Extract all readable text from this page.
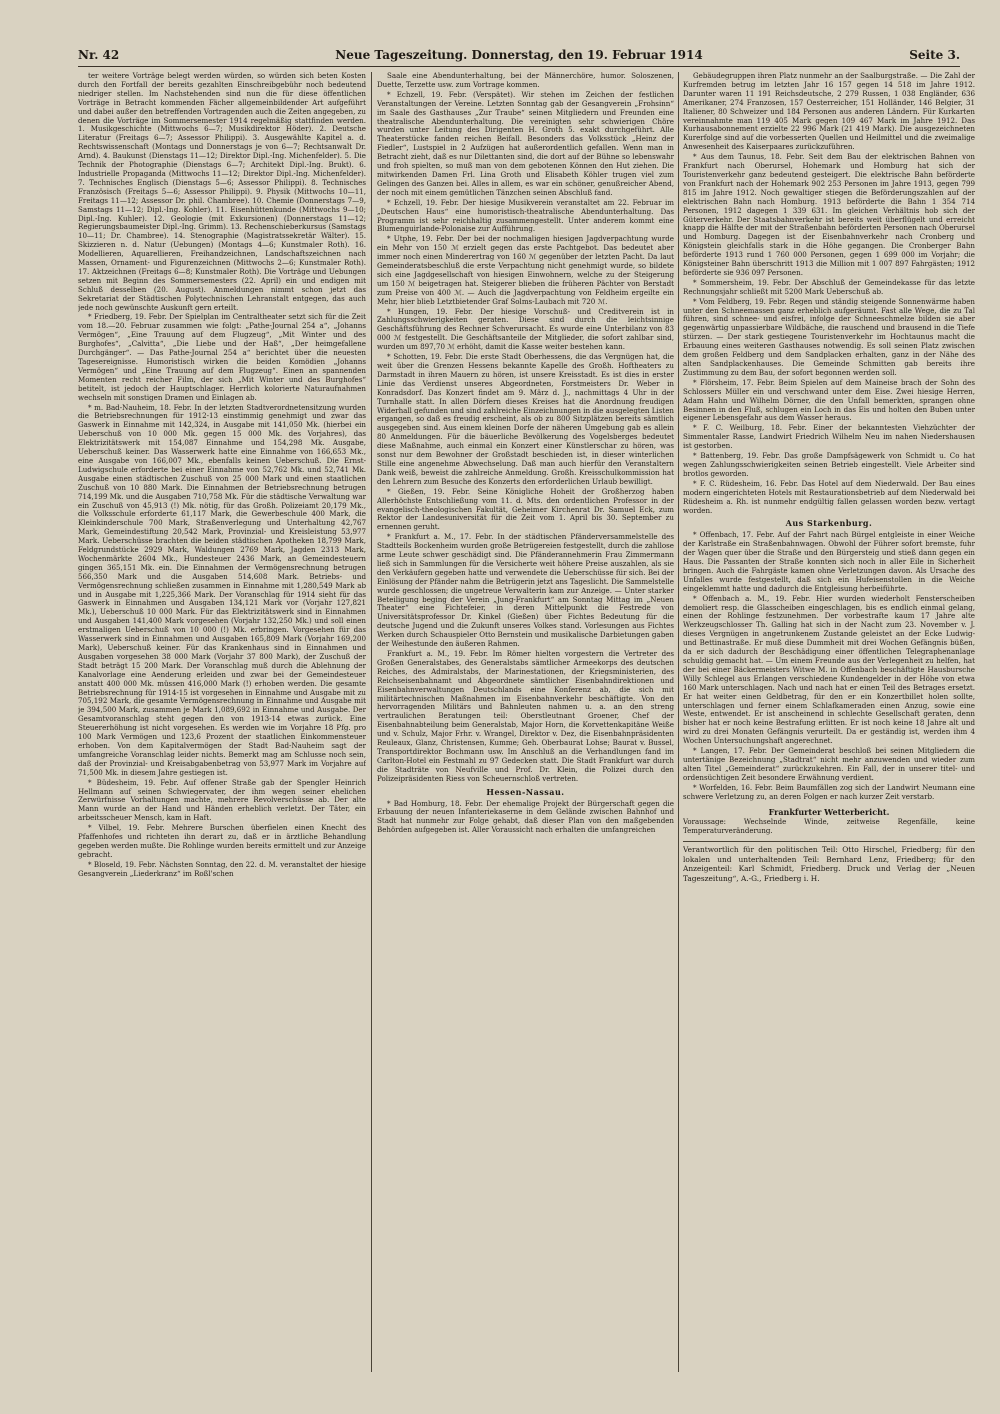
Nr. 42	Neue Tageszeitung. Donnerstag, den 19. Februar 1914	Seite 3.

ter weitere Vorträge belegt werden würden, so würden sich beten Kosten durch den Fortfall der bereits gezahlten Einschreibgebühr noch bedeutend niedriger stellen. Im Nachstehenden sind nun die für diese öffentlichen Vorträge in Betracht kommenden Fächer allgemeinbildender Art aufgeführt und dabei außer den betreffenden Vortragenden auch die Zeiten angegeben, zu denen die Vorträge im Sommersemester 1914 regelmäßig stattfinden werden. 1. Musikgeschichte (Mittwochs 6—7; Musikdirektor Höder). 2. Deutsche Literatur (Freitags 6—7; Assessor Philippi). 3. Ausgewählte Kapitel a. d. Rechtswissenschaft (Montags und Donnerstags je von 6—7; Rechtsanwalt Dr. Arnd). 4. Baukunst (Dienstags 11—12; Direktor Dipl.-Ing. Michenfelder). 5. Die Technik der Photographie (Dienstags 6—7; Architekt Dipl.-Ing. Brukt). 6. Industrielle Propaganda (Mittwochs 11—12; Direktor Dipl.-Ing. Michenfelder). 7. Technisches Englisch (Dienstags 5—6; Assessor Philippi). 8. Technisches Französisch (Freitags 5—6; Assessor Philippi). 9. Physik (Mittwochs 10—11, Freitags 11—12; Assessor Dr. phil. Chambree). 10. Chemie (Donnerstags 7—9, Samstags 11—12; Dipl.-Ing. Kohler). 11. Eisenhüttenkunde (Mittwochs 9—10; Dipl.-Ing. Kuhler). 12. Geologie (mit Exkursionen) (Donnerstags 11—12; Regierungsbaumeister Dipl.-Ing. Grimm). 13. Rechenschieberkursus (Samstags 10—11; Dr. Chambree). 14. Stenographie (Magistratssekretär Wälter). 15. Skizzieren n. d. Natur (Uebungen) (Montags 4—6; Kunstmaler Roth). 16. Modellieren, Aquarellieren, Freihandzeichnen, Landschaftszeichnen nach Massen, Ornament- und Figurenzeichnen (Mittwochs 2—6; Kunstmaler Roth). 17. Aktzeichnen (Freitags 6—8; Kunstmaler Roth). Die Vorträge und Uebungen setzen mit Beginn des Sommersemesters (22. April) ein und endigen mit Schluß desselben (20. August). Anmeldungen nimmt schon jetzt das Sekretariat der Städtischen Polytechnischen Lehranstalt entgegen, das auch jede noch gewünschte Auskunft gern erteilt.

* Friedberg, 19. Febr. Der Spielplan im Centraltheater setzt sich für die Zeit vom 18.—20. Februar zusammen wie folgt: „Pathe-Journal 254 a“, „Johanns Vermögen“, „Eine Trauung auf dem Flugzeug“, „Mit Winter und des Burghofes“, „Calvitta“, „Die Liebe und der Haß“, „Der heimgefallene Durchgänger“. — Das Pathe-Journal 254 a“ berichtet über die neuesten Tagesereignisse. Humoristisch wirken die beiden Komödien „Johanns Vermögen“ und „Eine Trauung auf dem Flugzeug“. Einen an spannenden Momenten recht reicher Film, der sich „Mit Winter und des Burghofes“ betitelt, ist jedoch der Hauptschlager. Herrlich kolorierte Naturaufnahmen wechseln mit sonstigen Dramen und Einlagen ab.

* m. Bad-Nauheim, 18. Febr. In der letzten Stadtverordnetensitzung wurden die Betriebsrechnungen für 1912-13 einstimmig genehmigt und zwar das Gaswerk in Einnahme mit 142,324, in Ausgabe mit 141,050 Mk. (hierbei ein Ueberschuß von 10 000 Mk. gegen 15 000 Mk. des Vorjahres), das Elektrizitätswerk mit 154,087 Einnahme und 154,298 Mk. Ausgabe, Ueberschuß keiner. Das Wasserwerk hatte eine Einnahme von 166,653 Mk., eine Ausgabe von 166,007 Mk., ebenfalls keinen Ueberschuß. Die Ernst-Ludwigschule erforderte bei einer Einnahme von 52,762 Mk. und 52,741 Mk. Ausgabe einen städtischen Zuschuß von 25 000 Mark und einen staatlichen Zuschuß von 10 880 Mark. Die Einnahmen der Betriebsrechnung betrugen 714,199 Mk. und die Ausgaben 710,758 Mk. Für die städtische Verwaltung war ein Zuschuß von 45,913 (!) Mk. nötig, für das Großh. Polizeiamt 20,179 Mk., die Volksschule erforderte 61,117 Mark, die Gewerbeschule 400 Mark, die Kleinkinderschule 700 Mark, Straßenverlegung und Unterhaltung 42,767 Mark, Gemeindestiftung 20,542 Mark, Provinzial- und Kreisleistung 53,977 Mark. Ueberschüsse brachten die beiden städtischen Apotheken 18,799 Mark, Feldgrundstücke 2929 Mark, Waldungen 2769 Mark, Jagden 2313 Mark, Wochenmärkte 2604 Mk., Hundesteuer 2436 Mark, an Gemeindesteuern gingen 365,151 Mk. ein. Die Einnahmen der Vermögensrechnung betrugen 566,350 Mark und die Ausgaben 514,608 Mark. Betriebs- und Vermögensrechnung schließen zusammen in Einnahme mit 1,280,549 Mark ab und in Ausgabe mit 1,225,366 Mark. Der Voranschlag für 1914 sieht für das Gaswerk in Einnahmen und Ausgaben 134,121 Mark vor (Vorjahr 127,821 Mk.), Ueberschuß 10 000 Mark. Für das Elektrizitätswerk sind in Einnahmen und Ausgaben 141,400 Mark vorgesehen (Vorjahr 132,250 Mk.) und soll einen erstmaligen Ueberschuß von 10 000 (!) Mk. erbringen. Vorgesehen für das Wasserwerk sind in Einnahmen und Ausgaben 165,809 Mark (Vorjahr 169,200 Mark), Ueberschuß keiner. Für das Krankenhaus sind in Einnahmen und Ausgaben vorgesehen 38 000 Mark (Vorjahr 37 800 Mark), der Zuschuß der Stadt beträgt 15 200 Mark. Der Voranschlag muß durch die Ablehnung der Kanalvorlage eine Aenderung erleiden und zwar bei der Gemeindesteuer anstatt 400 000 Mk. müssen 416,000 Mark (!) erhoben werden. Die gesamte Betriebsrechnung für 1914-15 ist vorgesehen in Einnahme und Ausgabe mit zu 705,192 Mark, die gesamte Vermögensrechnung in Einnahme und Ausgabe mit je 394,500 Mark, zusammen je Mark 1,089,692 in Einnahme und Ausgabe. Der Gesamtvoranschlag steht gegen den von 1913-14 etwas zurück. Eine Steuererhöhung ist nicht vorgesehen. Es werden wie im Vorjahre 18 Pfg. pro 100 Mark Vermögen und 123,6 Prozent der staatlichen Einkommensteuer erhoben. Von dem Kapitalvermögen der Stadt Bad-Nauheim sagt der umfangreiche Voranschlag leider nichts. Bemerkt mag am Schlusse noch sein, daß der Provinzial- und Kreisabgabenbetrag von 53,977 Mark im Vorjahre auf 71,500 Mk. in diesem Jahre gestiegen ist.

* Büdesheim, 19. Febr. Auf offener Straße gab der Spengler Heinrich Hellmann auf seinen Schwiegervater, der ihm wegen seiner ehelichen Zerwürfnisse Vorhaltungen machte, mehrere Revolverschüsse ab. Der alte Mann wurde an der Hand und Händen erheblich verletzt. Der Täter, ein arbeitsscheuer Mensch, kam in Haft.

* Vilbel, 19. Febr. Mehrere Burschen überfielen einen Knecht des Pfaffenhofes und richteten ihn derart zu, daß er in ärztliche Behandlung gegeben werden mußte. Die Rohlinge wurden bereits ermittelt und zur Anzeige gebracht.

* Bloseld, 19. Febr. Nächsten Sonntag, den 22. d. M. veranstaltet der hiesige Gesangverein „Liederkranz“ im Roßl'schen

Saale eine Abendunterhaltung, bei der Männerchöre, humor. Soloszenen, Duette, Terzette usw. zum Vortrage kommen.

* Echzell, 19. Febr. (Verspätet). Wir stehen im Zeichen der festlichen Veranstaltungen der Vereine. Letzten Sonntag gab der Gesangverein „Frohsinn“ im Saale des Gasthauses „Zur Traube“ seinen Mitgliedern und Freunden eine theatralische Abendunterhaltung. Die vereinigten sehr schwierigen Chöre wurden unter Leitung des Dirigenten H. Groth 5. exakt durchgeführt. Alle Theaterstücke fanden reichen Beifall. Besonders das Volksstück „Heinz der Fiedler“, Lustspiel in 2 Aufzügen hat außerordentlich gefallen. Wenn man in Betracht zieht, daß es nur Dilettanten sind, die dort auf der Bühne so lebenswahr und froh spielten, so muß man von dem gebotenen Können den Hut ziehen. Die mitwirkenden Damen Frl. Lina Groth und Elisabeth Köhler trugen viel zum Gelingen des Ganzen bei. Alles in allem, es war ein schöner, genußreicher Abend, der noch mit einem gemütlichen Tänzchen seinen Abschluß fand.

* Echzell, 19. Febr. Der hiesige Musikverein veranstaltet am 22. Februar im „Deutschen Haus“ eine humoristisch-theatralische Abendunterhaltung. Das Programm ist sehr reichhaltig zusammengestellt. Unter anderem kommt eine Blumenguirlande-Polonaise zur Aufführung.

* Utphe, 19. Febr. Der bei der nochmaligen hiesigen Jagdverpachtung wurde ein Mehr von 150 ℳ erzielt gegen das erste Pachtgebot. Das bedeutet aber immer noch einen Minderertrag von 160 ℳ gegenüber der letzten Pacht. Da laut Gemeinderatsbeschluß die erste Verpachtung nicht genehmigt wurde, so bildete sich eine Jagdgesellschaft von hiesigen Einwohnern, welche zu der Steigerung um 150 ℳ beigetragen hat. Steigerer blieben die früheren Pächter von Berstadt zum Preise von 400 ℳ. — Auch die Jagdverpachtung von Feldheim ergeilte ein Mehr, hier blieb Letztbietender Graf Solms-Laubach mit 720 ℳ.

* Hungen, 19. Febr. Der hiesige Vorschuß- und Creditverein ist in Zahlungsschwierigkeiten geraten. Diese sind durch die leichtsinnige Geschäftsführung des Rechner Schverursacht. Es wurde eine Unterbilanz von 83 000 ℳ festgestellt. Die Geschäftsanteile der Mitglieder, die sofort zahlbar sind, wurden um 897,70 ℳ erhöht, damit die Kasse weiter bestehen kann.

* Schotten, 19. Febr. Die erste Stadt Oberhessens, die das Vergnügen hat, die weit über die Grenzen Hessens bekannte Kapelle des Großh. Hoftheaters zu Darmstadt in ihren Mauern zu hören, ist unsere Kreisstadt. Es ist dies in erster Linie das Verdienst unseres Abgeordneten, Forstmeisters Dr. Weber in Konradsdorf. Das Konzert findet am 9. März d. J., nachmittags 4 Uhr in der Turnhalle statt. In allen Dörfern dieses Kreises hat die Anordnung freudigen Widerhall gefunden und sind zahlreiche Einzeichnungen in die ausgelegten Listen ergangen, so daß es freudig erscheint, als ob zu 800 Sitzplätzen bereits sämtlich ausgegeben sind. Aus einem kleinen Dorfe der näheren Umgebung gab es allein 80 Anmeldungen. Für die bäuerliche Bevölkerung des Vogelsberges bedeutet diese Maßnahme, auch einmal ein Konzert einer Künstlerschar zu hören, was sonst nur dem Bewohner der Großstadt beschieden ist, in dieser winterlichen Stille eine angenehme Abwechselung. Daß man auch hierfür den Veranstaltern Dank weiß, beweist die zahlreiche Anmeldung. Großh. Kreisschulkommission hat den Lehrern zum Besuche des Konzerts den erforderlichen Urlaub bewilligt.

* Gießen, 19. Febr. Seine Königliche Hoheit der Großherzog haben Allerhöchste Entschließung vom 11. d. Mts. den ordentlichen Professor in der evangelisch-theologischen Fakultät, Geheimer Kirchenrat Dr. Samuel Eck, zum Rektor der Landesuniversität für die Zeit vom 1. April bis 30. September zu ernennen geruht.

* Frankfurt a. M., 17. Febr. In der städtischen Pfänderversammelstelle des Stadtteils Bockenheim wurden große Betrügereien festgestellt, durch die zahllose arme Leute schwer geschädigt sind. Die Pfänderannehmerin Frau Zimmermann ließ sich in Sammlungen für die Versicherte weit höhere Preise auszahlen, als sie den Verkäufern gegeben hatte und verwendete die Ueberschüsse für sich. Bei der Einlösung der Pfänder nahm die Betrügerin jetzt ans Tageslicht. Die Sammelstelle wurde geschlossen; die ungetreue Verwalterin kam zur Anzeige. — Unter starker Beteiligung beging der Verein „Jung-Frankfurt“ am Sonntag Mittag im „Neuen Theater“ eine Fichtefeier, in deren Mittelpunkt die Festrede von Universitätsprofessor Dr. Kinkel (Gießen) über Fichtes Bedeutung für die deutsche Jugend und die Zukunft unseres Volkes stand. Vorlesungen aus Fichtes Werken durch Schauspieler Otto Bernstein und musikalische Darbietungen gaben der Weihestunde den äußeren Rahmen.

Frankfurt a. M., 19. Febr. Im Römer hielten vorgestern die Vertreter des Großen Generalstabes, des Generalstabs sämtlicher Armeekorps des deutschen Reiches, des Admiralstabs, der Marinestationen, der Kriegsministerien, des Reichseisenbahnamt und Abgeordnete sämtlicher Eisenbahndirektionen und Eisenbahnverwaltungen Deutschlands eine Konferenz ab, die sich mit militärtechnischen Maßnahmen im Eisenbahnverkehr beschäftigte. Von den hervorragenden Militärs und Bahnleuten nahmen u. a. an den streng vertraulichen Beratungen teil: Oberstleutnant Groener, Chef der Eisenbahnabteilung beim Generalstab, Major Horn, die Korvettenkapitäne Weiße und v. Schulz, Major Frhr. v. Wrangel, Direktor v. Dez, die Eisenbahnpräsidenten Reuleaux, Glanz, Christensen, Kumme; Geh. Oberbaurat Lohse; Baurat v. Bussel, Transportdirektor Bochmann usw. Im Anschluß an die Verhandlungen fand im Carlton-Hotel ein Festmahl zu 97 Gedecken statt. Die Stadt Frankfurt war durch die Stadträte von Neufville und Prof. Dr. Klein, die Polizei durch den Polizeipräsidenten Riess von Scheuernschloß vertreten.

Hessen-Nassau.

* Bad Homburg, 18. Febr. Der ehemalige Projekt der Bürgerschaft gegen die Erbauung der neuen Infanteriekaserne in dem Gelände zwischen Bahnhof und Stadt hat nunmehr zur Folge gehabt, daß dieser Plan von den maßgebenden Behörden aufgegeben ist. Aller Voraussicht nach erhalten die umfangreichen

Gebäudegruppen ihren Platz nunmehr an der Saalburgstraße. — Die Zahl der Kurfremden betrug im letzten Jahr 16 157 gegen 14 518 im Jahre 1912. Darunter waren 11 191 Reichsdeutsche, 2 279 Russen, 1 038 Engländer, 636 Amerikaner, 274 Franzosen, 157 Oesterreicher, 151 Holländer, 146 Belgier, 31 Italiener, 80 Schweizer und 184 Personen aus anderen Ländern. Für Kurkarten vereinnahmte man 119 405 Mark gegen 109 467 Mark im Jahre 1912. Das Kurhausabonnement erzielte 22 996 Mark (21 419 Mark). Die ausgezeichneten Kurerfolge sind auf die vorbesserten Quellen und Heilmittel und die zweimalige Anwesenheit des Kaiserpaares zurückzuführen.

* Aus dem Taunus, 18. Febr. Seit dem Bau der elektrischen Bahnen von Frankfurt nach Oberursel, Hohemark und Homburg hat sich der Touristenverkehr ganz bedeutend gesteigert. Die elektrische Bahn beförderte von Frankfurt nach der Hohemark 902 253 Personen im Jahre 1913, gegen 799 815 im Jahre 1912. Noch gewaltiger stiegen die Beförderungszahlen auf der elektrischen Bahn nach Homburg. 1913 beförderte die Bahn 1 354 714 Personen, 1912 dagegen 1 339 631. Im gleichen Verhältnis hob sich der Güterverkehr. Der Staatsbahnverkehr ist bereits weit überflügelt und erreicht knapp die Hälfte der mit der Straßenbahn beförderten Personen nach Oberursel und Homburg. Dagegen ist der Eisenbahnverkehr nach Cronberg und Königstein gleichfalls stark in die Höhe gegangen. Die Cronberger Bahn beförderte 1913 rund 1 760 000 Personen, gegen 1 699 000 im Vorjahr; die Königsteiner Bahn überschritt 1913 die Million mit 1 007 897 Fahrgästen; 1912 beförderte sie 936 097 Personen.

* Sommersheim, 19. Febr. Der Abschluß der Gemeindekasse für das letzte Rechnungsjahr schließt mit 5200 Mark Ueberschuß ab.

* Vom Feldberg, 19. Febr. Regen und ständig steigende Sonnenwärme haben unter den Schneemassen ganz erheblich aufgeräumt. Fast alle Wege, die zu Tal führen, sind schnee- und eisfrei, infolge der Schneeschmelze bilden sie aber gegenwärtig unpassierbare Wildbäche, die rauschend und brausend in die Tiefe stürzen. — Der stark gestiegene Touristenverkehr im Hochtaunus macht die Erbauung eines weiteren Gasthauses notwendig. Es soll seinen Platz zwischen dem großen Feldberg und dem Sandplacken erhalten, ganz in der Nähe des alten Sandplackenhauses. Die Gemeinde Schmitten gab bereits ihre Zustimmung zu dem Bau, der sofort begonnen werden soll.

* Flörsheim, 17. Febr. Beim Spielen auf dem Maineise brach der Sohn des Schlossers Müller ein und verschwand unter dem Eise. Zwei hiesige Herren, Adam Hahn und Wilhelm Dörner, die den Unfall bemerkten, sprangen ohne Besinnen in den Fluß, schlugen ein Loch in das Eis und holten den Buben unter eigener Lebensgefahr aus dem Wasser heraus.

* F. C. Weilburg, 18. Febr. Einer der bekanntesten Viehzüchter der Simmentaler Rasse, Landwirt Friedrich Wilhelm Neu im nahen Niedershausen ist gestorben.

* Battenberg, 19. Febr. Das große Dampfsägewerk von Schmidt u. Co hat wegen Zahlungsschwierigkeiten seinen Betrieb eingestellt. Viele Arbeiter sind brotlos geworden.

* F. C. Rüdesheim, 16. Febr. Das Hotel auf dem Niederwald. Der Bau eines modern eingerichteten Hotels mit Restaurationsbetrieb auf dem Niederwald bei Rüdesheim a. Rh. ist nunmehr endgültig fallen gelassen worden bezw. vertagt worden.

Aus Starkenburg.

* Offenbach, 17. Febr. Auf der Fahrt nach Bürgel entgleiste in einer Weiche der Karlstraße ein Straßenbahnwagen. Obwohl der Führer sofort bremste, fuhr der Wagen quer über die Straße und den Bürgersteig und stieß dann gegen ein Haus. Die Passanten der Straße konnten sich noch in aller Eile in Sicherheit bringen. Auch die Fahrgäste kamen ohne Verletzungen davon. Als Ursache des Unfalles wurde festgestellt, daß sich ein Hufeisenstollen in die Weiche eingeklemmt hatte und dadurch die Entgleisung herbeiführte.

* Offenbach a. M., 19. Febr. Hier wurden wiederholt Fensterscheiben demoliert resp. die Glasscheiben eingeschlagen, bis es endlich einmal gelang, einen der Rohlinge festzunehmen. Der vorbestrafte kaum 17 Jahre alte Werkzeugschlosser Th. Galling hat sich in der Nacht zum 23. November v. J. dieses Vergnügen in angetrunkenem Zustande geleistet an der Ecke Ludwig- und Bettinastraße. Er muß diese Dummheit mit drei Wochen Gefängnis büßen, da er sich dadurch der Beschädigung einer öffentlichen Telegraphenanlage schuldig gemacht hat. — Um einem Freunde aus der Verlegenheit zu helfen, hat der bei einer Bäckermeisters Witwe M. in Offenbach beschäftigte Hausbursche Willy Schlegel aus Erlangen verschiedene Kundengelder in der Höhe von etwa 160 Mark unterschlagen. Nach und nach hat er einen Teil des Betrages ersetzt. Er hat weiter einen Geldbetrag, für den er ein Konzertbillet holen sollte, unterschlagen und ferner einem Schlafkameraden einen Anzug, sowie eine Weste, entwendet. Er ist anscheinend in schlechte Gesellschaft geraten, denn bisher hat er noch keine Bestrafung erlitten. Er ist noch keine 18 Jahre alt und wird zu drei Monaten Gefängnis verurteilt. Da er geständig ist, werden ihm 4 Wochen Untersuchungshaft angerechnet.

* Langen, 17. Febr. Der Gemeinderat beschloß bei seinen Mitgliedern die untertänige Bezeichnung „Stadtrat“ nicht mehr anzuwenden und wieder zum alten Titel „Gemeinderat“ zurückzukehren. Ein Fall, der in unserer titel- und ordensüchtigen Zeit besondere Erwähnung verdient.

* Worfelden, 16. Febr. Beim Baumfällen zog sich der Landwirt Neumann eine schwere Verletzung zu, an deren Folgen er nach kurzer Zeit verstarb.

Frankfurter Wetterbericht.

Voraussage: Wechselnde Winde, zeitweise Regenfälle, keine Temperaturveränderung.

Verantwortlich für den politischen Teil: Otto Hirschel, Friedberg; für den lokalen und unterhaltenden Teil: Bernhard Lenz, Friedberg; für den Anzeigenteil: Karl Schmidt, Friedberg. Druck und Verlag der „Neuen Tageszeitung“, A.-G., Friedberg i. H.
